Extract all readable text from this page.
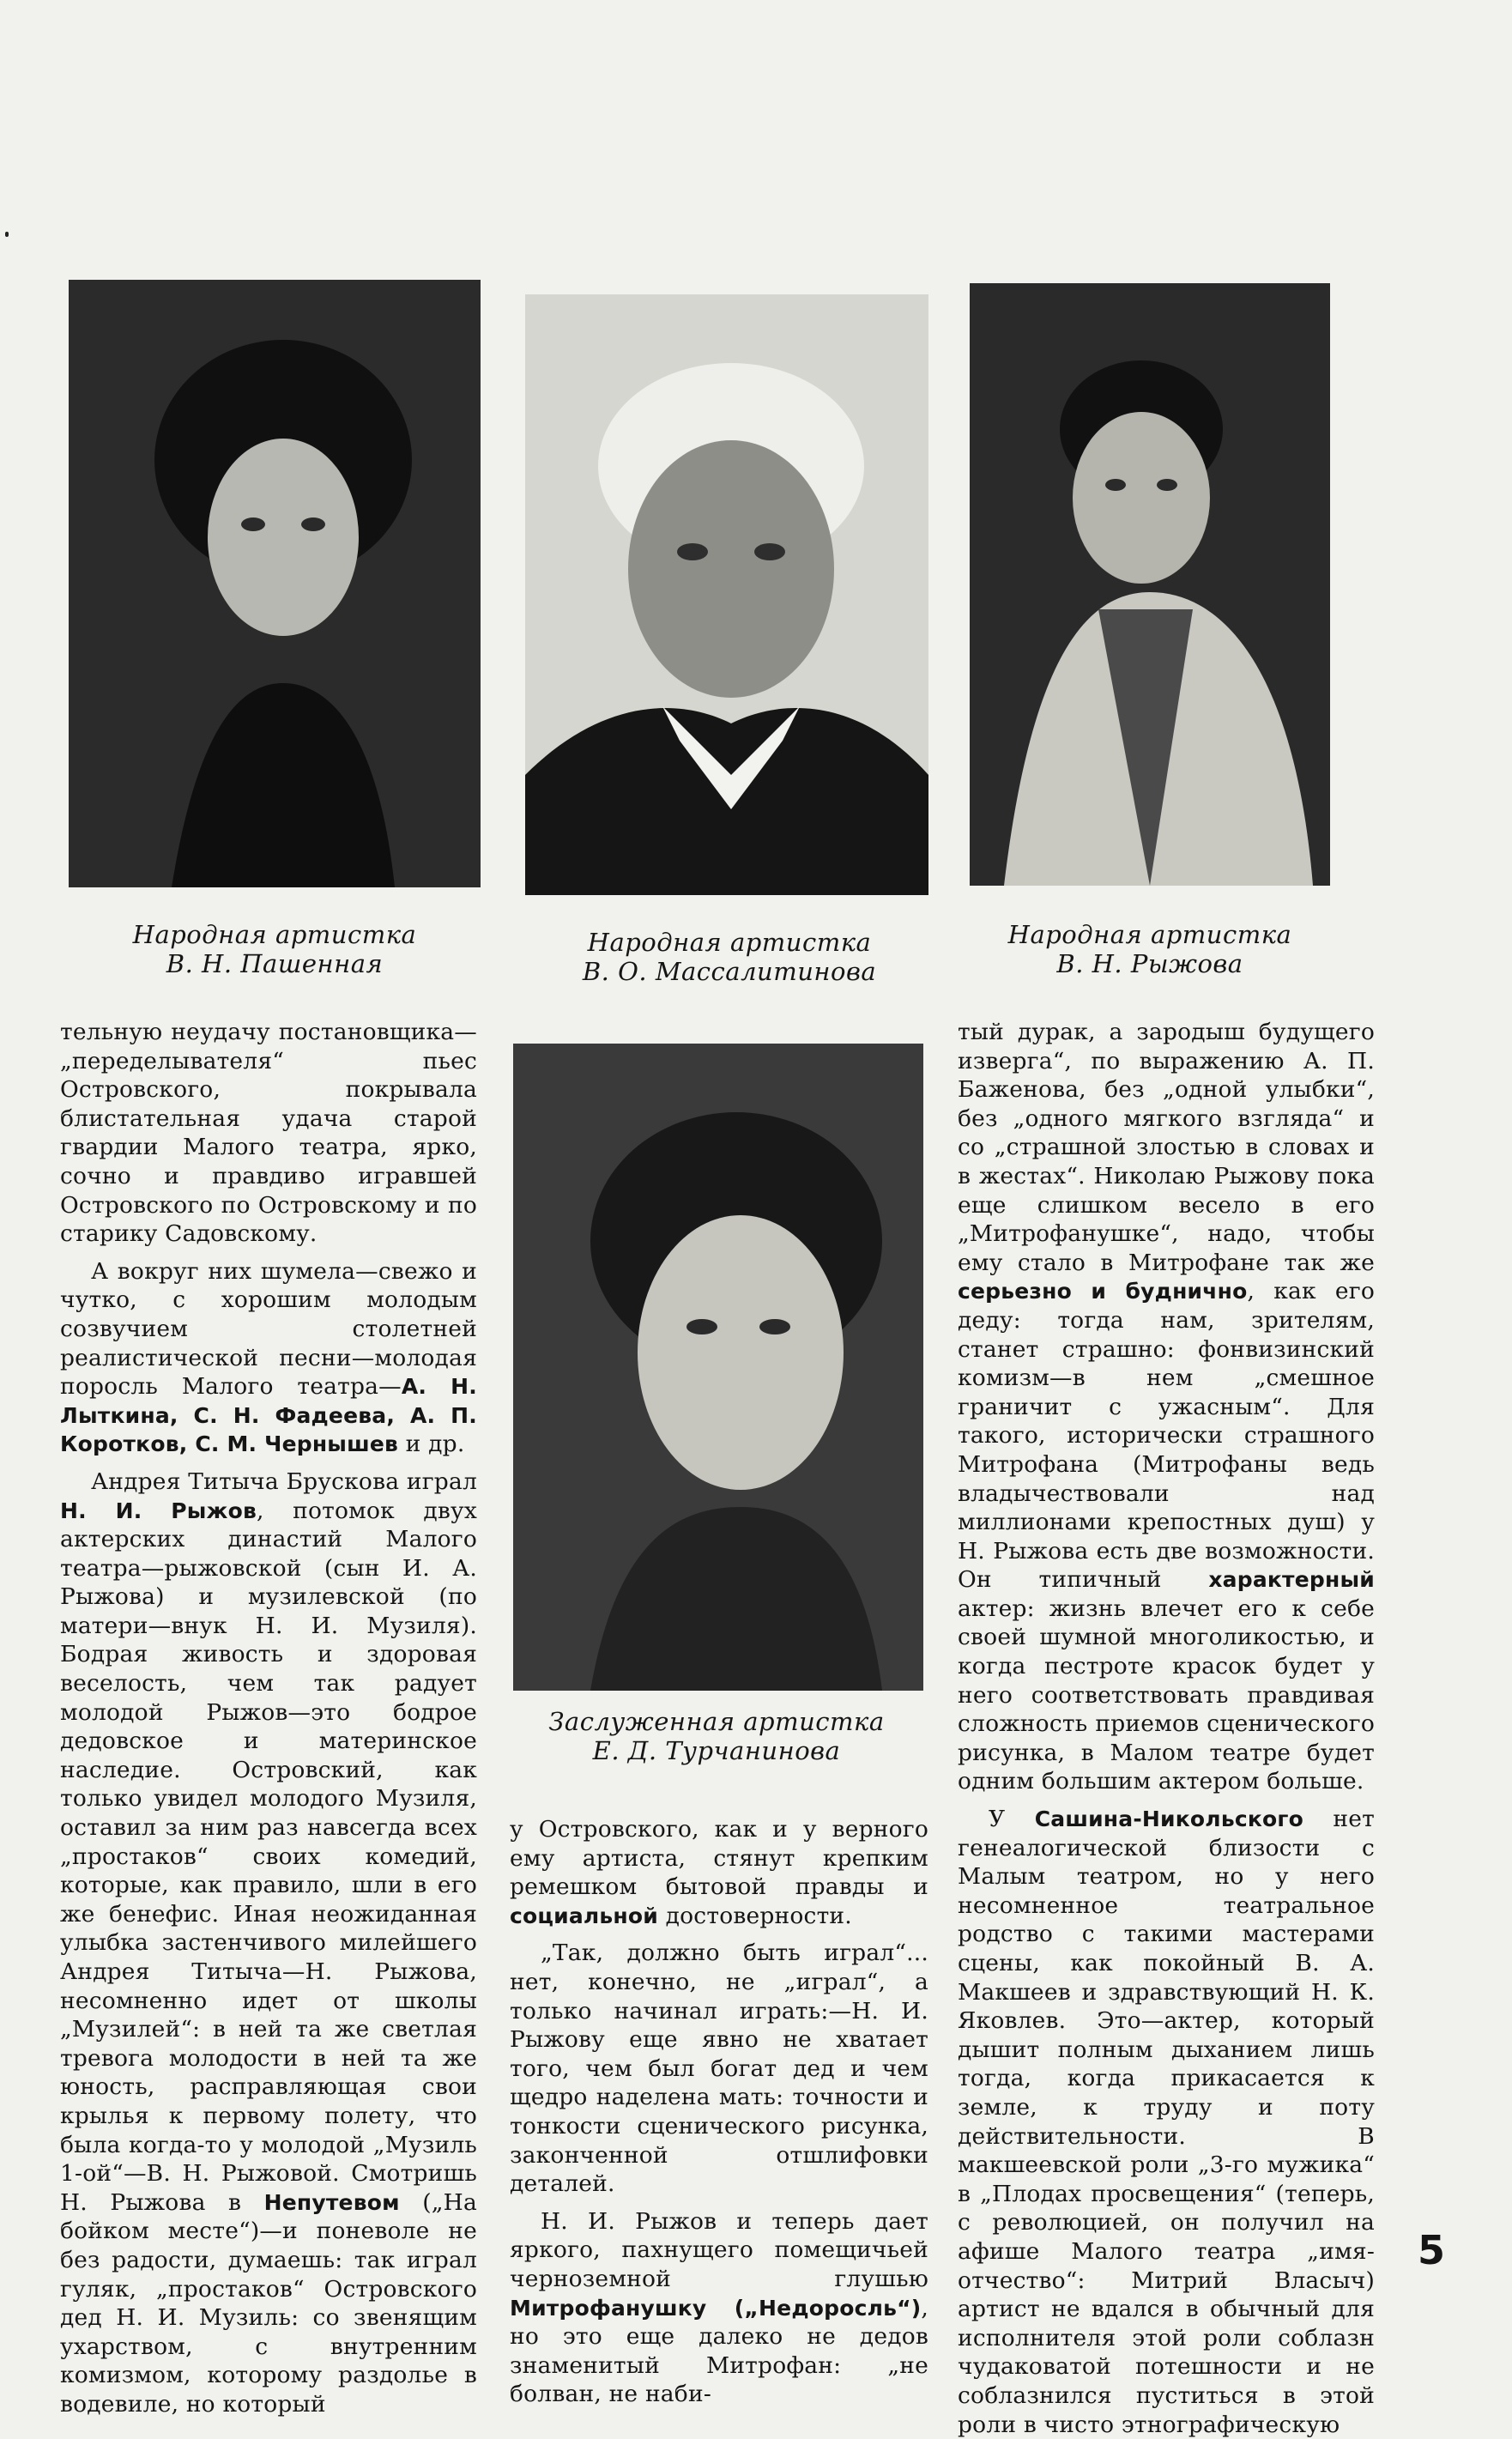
Народная артистка
В. Н. Пашенная
Народная артистка
В. О. Массалитинова
Народная артистка
В. Н. Рыжова
Заслуженная артистка
Е. Д. Турчанинова

тельную неудачу постановщика—„переделывателя“ пьес Островского, покрывала блистательная удача старой гвардии Малого театра, ярко, сочно и правдиво игравшей Островского по Островскому и по старику Садовскому.

А вокруг них шумела—свежо и чутко, с хорошим молодым созвучием столетней реалистической песни—молодая поросль Малого театра—А. Н. Лыткина, С. Н. Фадеева, А. П. Коротков, С. М. Чернышев и др.

Андрея Титыча Брускова играл Н. И. Рыжов, потомок двух актерских династий Малого театра—рыжовской (сын И. А. Рыжова) и музилевской (по матери—внук Н. И. Музиля). Бодрая живость и здоровая веселость, чем так радует молодой Рыжов—это бодрое дедовское и материнское наследие. Островский, как только увидел молодого Музиля, оставил за ним раз навсегда всех „простаков“ своих комедий, которые, как правило, шли в его же бенефис. Иная неожиданная улыбка застенчивого милейшего Андрея Титыча—Н. Рыжова, несомненно идет от школы „Музилей“: в ней та же светлая тревога молодости в ней та же юность, расправляющая свои крылья к первому полету, что была когда-то у молодой „Музиль 1-ой“—В. Н. Рыжовой. Смотришь Н. Рыжова в Непутевом („На бойком месте“)—и поневоле не без радости, думаешь: так играл гуляк, „простаков“ Островского дед Н. И. Музиль: со звенящим ухарством, с внутренним комизмом, которому раздолье в водевиле, но который

у Островского, как и у верного ему артиста, стянут крепким ремешком бытовой правды и социальной достоверности.

„Так, должно быть играл“... нет, конечно, не „играл“, а только начинал играть:—Н. И. Рыжову еще явно не хватает того, чем был богат дед и чем щедро наделена мать: точности и тонкости сценического рисунка, законченной отшлифовки деталей.

Н. И. Рыжов и теперь дает яркого, пахнущего помещичьей черноземной глушью Митрофанушку („Недоросль“), но это еще далеко не дедов знаменитый Митрофан: „не болван, не наби-

тый дурак, а зародыш будущего изверга“, по выражению А. П. Баженова, без „одной улыбки“, без „одного мягкого взгляда“ и со „страшной злостью в словах и в жестах“. Николаю Рыжову пока еще слишком весело в его „Митрофанушке“, надо, чтобы ему стало в Митрофане так же серьезно и буднично, как его деду: тогда нам, зрителям, станет страшно: фонвизинский комизм—в нем „смешное граничит с ужасным“. Для такого, исторически страшного Митрофана (Митрофаны ведь владычествовали над миллионами крепостных душ) у Н. Рыжова есть две возможности. Он типичный характерный актер: жизнь влечет его к себе своей шумной многоликостью, и когда пестроте красок будет у него соответствовать правдивая сложность приемов сценического рисунка, в Малом театре будет одним большим актером больше.

У Сашина-Никольского нет генеалогической близости с Малым театром, но у него несомненное театральное родство с такими мастерами сцены, как покойный В. А. Макшеев и здравствующий Н. К. Яковлев. Это—актер, который дышит полным дыханием лишь тогда, когда прикасается к земле, к труду и поту действительности. В макшеевской роли „3-го мужика“ в „Плодах просвещения“ (теперь, с революцией, он получил на афише Малого театра „имя-отчество“: Митрий Власыч) артист не вдался в обычный для исполнителя этой роли соблазн чудаковатой потешности и не соблазнился пуститься в этой роли в чисто этнографическую

5
